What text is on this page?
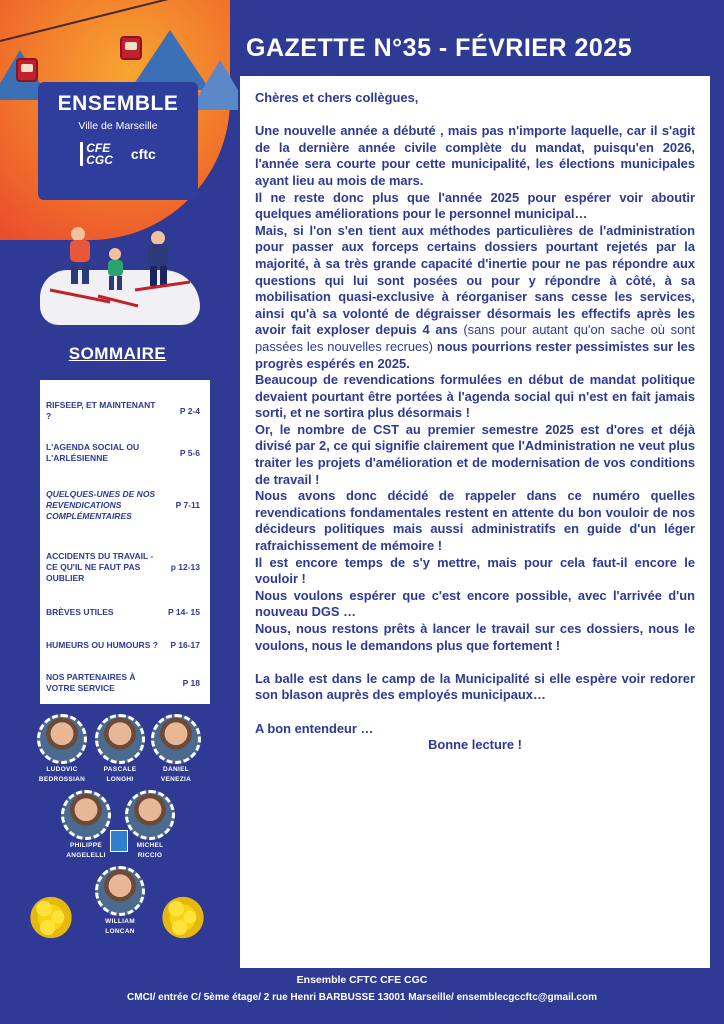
ENSEMBLE
Ville de Marseille
CFE
CGC cftc
SOMMAIRE
RIFSEEP, ET MAINTENANT ?	P 2-4
L'AGENDA SOCIAL OU L'ARLÉSIENNE	P 5-6
QUELQUES-UNES DE NOS REVENDICATIONS COMPLÉMENTAIRES
P 7-11
ACCIDENTS DU TRAVAIL - CE QU'IL NE FAUT PAS OUBLIER
p 12-13
BRÈVES UTILES	P 14- 15
HUMEURS OU HUMOURS ?	P 16-17
NOS PARTENAIRES À VOTRE SERVICE	P 18
LUDOVIC
BEDROSSIAN
PASCALE
LONGHI
DANIEL
VENEZIA
PHILIPPE
ANGELELLI
MICHEL
RICCIO
WILLIAM
LONCAN
GAZETTE N°35 - FÉVRIER 2025

Chères et chers collègues,

Une nouvelle année a débuté , mais pas n'importe laquelle, car il s'agit de la dernière année civile complète du mandat, puisqu'en 2026, l'année sera courte pour cette municipalité, les élections municipales ayant lieu au mois de mars.

Il ne reste donc plus que l'année 2025 pour espérer voir aboutir quelques améliorations pour le personnel municipal…

Mais, si l'on s'en tient aux méthodes particulières de l'administration pour passer aux forceps certains dossiers pourtant rejetés par la majorité, à sa très grande capacité d'inertie pour ne pas répondre aux questions qui lui sont posées ou pour y répondre à côté, à sa mobilisation quasi-exclusive à réorganiser sans cesse les services, ainsi qu'à sa volonté de dégraisser désormais les effectifs après les avoir fait exploser depuis 4 ans (sans pour autant qu'on sache où sont passées les nouvelles recrues) nous pourrions rester pessimistes sur les progrès espérés en 2025.

Beaucoup de revendications formulées en début de mandat politique devaient pourtant être portées à l'agenda social qui n'est en fait jamais sorti, et ne sortira plus désormais !

Or, le nombre de CST au premier semestre 2025 est d'ores et déjà divisé par 2, ce qui signifie clairement que l'Administration ne veut plus traiter les projets d'amélioration et de modernisation de vos conditions de travail !

Nous avons donc décidé de rappeler dans ce numéro quelles revendications fondamentales restent en attente du bon vouloir de nos décideurs politiques mais aussi administratifs en guide d'un léger rafraichissement de mémoire !

Il est encore temps de s'y mettre, mais pour cela faut-il encore le vouloir !

Nous voulons espérer que c'est encore possible, avec l'arrivée d'un nouveau DGS …

Nous, nous restons prêts à lancer le travail sur ces dossiers, nous le voulons, nous le demandons plus que fortement !

La balle est dans le camp de la Municipalité si elle espère voir redorer son blason auprès des employés municipaux…

A bon entendeur …

Bonne lecture !

Ensemble CFTC CFE CGC
CMCI/ entrée C/ 5ème étage/ 2 rue Henri BARBUSSE 13001 Marseille/ ensemblecgccftc@gmail.com
